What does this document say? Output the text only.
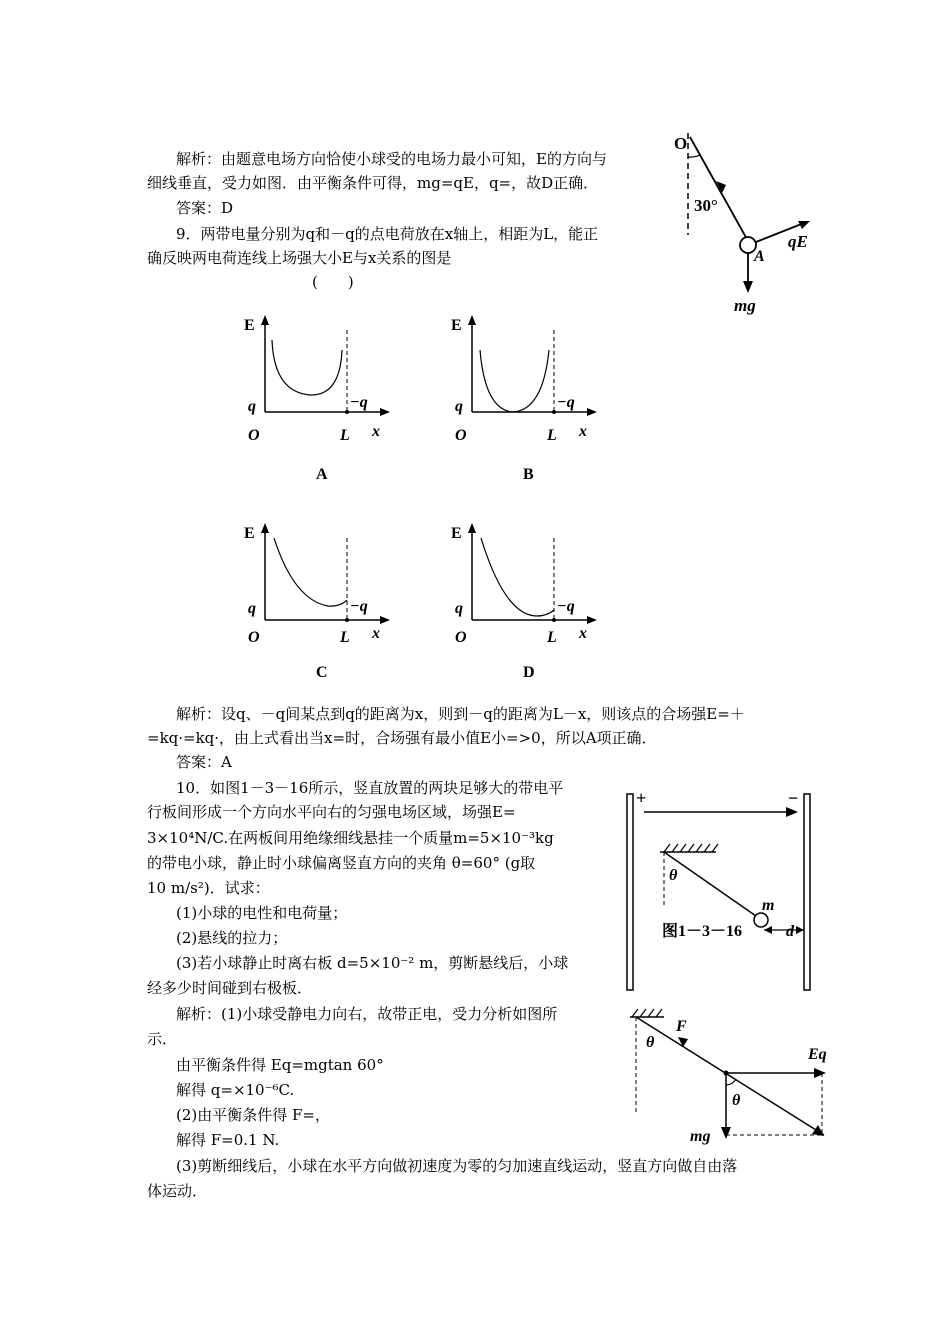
解析：由题意电场方向恰使小球受的电场力最小可知，E的方向与
细线垂直，受力如图．由平衡条件可得，mg=qE，q=，故D正确．
答案：D
O
30°
A
qE
mg
9．两带电量分别为q和－q的点电荷放在x轴上，相距为L，能正
确反映两电荷连线上场强大小E与x关系的图是
(　　)
E
q	−q
O	L x
A
E
q	−q
O	L x
B
E
q	−q
O	L x
C
E
q	−q
O	L x
D
解析：设q、－q间某点到q的距离为x，则到－q的距离为L－x，则该点的合场强E=＋
=kq·=kq·，由上式看出当x=时，合场强有最小值E小=>0，所以A项正确．
答案：A
10．如图1－3－16所示，竖直放置的两块足够大的带电平
行板间形成一个方向水平向右的匀强电场区域，场强E=
3×10⁴N/C.在两板间用绝缘细线悬挂一个质量m=5×10⁻³kg
的带电小球，静止时小球偏离竖直方向的夹角 θ=60° (g取
10 m/s²)．试求：
(1)小球的电性和电荷量；
(2)悬线的拉力；
(3)若小球静止时离右板 d=5×10⁻² m，剪断悬线后，小球
经多少时间碰到右极板．
+	−
θ
m
图1－3－16	d
解析：(1)小球受静电力向右，故带正电，受力分析如图所
示．
由平衡条件得 Eq=mgtan 60°
解得 q=×10⁻⁶C.
(2)由平衡条件得 F=，
解得 F=0.1 N.
(3)剪断细线后，小球在水平方向做初速度为零的匀加速直线运动，竖直方向做自由落
体运动．
F
θ
Eq
θ
mg
